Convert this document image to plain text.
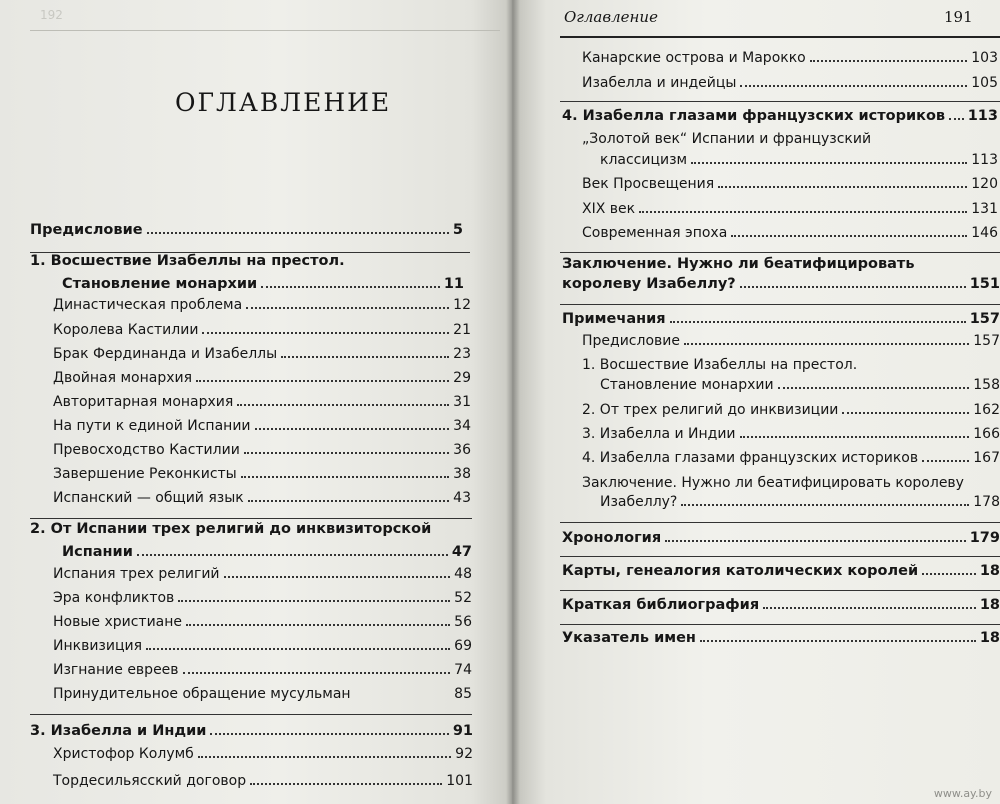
192
ОГЛАВЛЕНИЕ
Предисловие	5
1. Восшествие Изабеллы на престол.
Становление монархии	11
Династическая проблема	12
Королева Кастилии	21
Брак Фердинанда и Изабеллы	23
Двойная монархия	29
Авторитарная монархия	31
На пути к единой Испании	34
Превосходство Кастилии	36
Завершение Реконкисты	38
Испанский — общий язык	43
2. От Испании трех религий до инквизиторской
Испании	47
Испания трех религий	48
Эра конфликтов	52
Новые христиане	56
Инквизиция	69
Изгнание евреев	74
Принудительное обращение мусульман	85
3. Изабелла и Индии	91
Христофор Колумб	92
Тордесильясский договор	101
Оглавление	191
Канарские острова и Марокко	103
Изабелла и индейцы	105
4. Изабелла глазами французских историков 113
„Золотой век“ Испании и французский
классицизм	113
Век Просвещения	120
XIX век	131
Современная эпоха	146
Заключение. Нужно ли беатифицировать
королеву Изабеллу?	151
Примечания	157
Предисловие	157
1. Восшествие Изабеллы на престол.
Становление монархии	158
2. От трех религий до инквизиции	162
3. Изабелла и Индии	166
4. Изабелла глазами французских историков	167
Заключение. Нужно ли беатифицировать королеву
Изабеллу?	178
Хронология	179
Карты, генеалогия католических королей	18
Краткая библиография	18
Указатель имен	18
www.ay.by
